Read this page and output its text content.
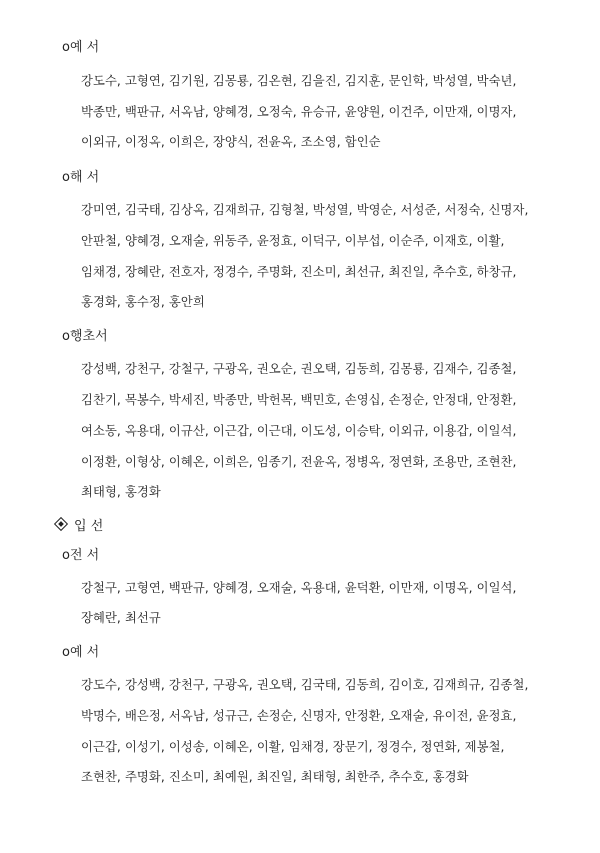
o예 서
강도수, 고형연, 김기원, 김몽룡, 김온현, 김을진, 김지훈, 문인학, 박성열, 박숙년,
박종만, 백판규, 서옥남, 양혜경, 오정숙, 유승규, 윤양원, 이건주, 이만재, 이명자,
이외규, 이정옥, 이희은, 장양식, 전윤옥, 조소영, 함인순
o해 서
강미연, 김국태, 김상옥, 김재희규, 김형철, 박성열, 박영순, 서성준, 서정숙, 신명자,
안판철, 양혜경, 오재술, 위동주, 윤정효, 이덕구, 이부섭, 이순주, 이재호, 이활,
임채경, 장혜란, 전호자, 정경수, 주명화, 진소미, 최선규, 최진일, 추수호, 하창규,
홍경화, 홍수정, 홍안희
o행초서
강성백, 강천구, 강철구, 구광옥, 권오순, 권오택, 김동희, 김몽룡, 김재수, 김종철,
김찬기, 목봉수, 박세진, 박종만, 박헌목, 백민호, 손영십, 손정순, 안정대, 안정환,
여소동, 옥용대, 이규산, 이근갑, 이근대, 이도성, 이승탁, 이외규, 이용갑, 이일석,
이정환, 이형상, 이혜온, 이희은, 임종기, 전윤옥, 정병옥, 정연화, 조용만, 조현찬,
최태형, 홍경화
입 선
o전 서
강철구, 고형연, 백판규, 양혜경, 오재술, 옥용대, 윤덕환, 이만재, 이명옥, 이일석,
장혜란, 최선규
o예 서
강도수, 강성백, 강천구, 구광옥, 권오택, 김국태, 김동희, 김이호, 김재희규, 김종철,
박명수, 배은정, 서옥남, 성규근, 손정순, 신명자, 안정환, 오재술, 유이전, 윤정효,
이근갑, 이성기, 이성송, 이혜온, 이활, 임채경, 장문기, 정경수, 정연화, 제봉철,
조현찬, 주명화, 진소미, 최예원, 최진일, 최태형, 최한주, 추수호, 홍경화
